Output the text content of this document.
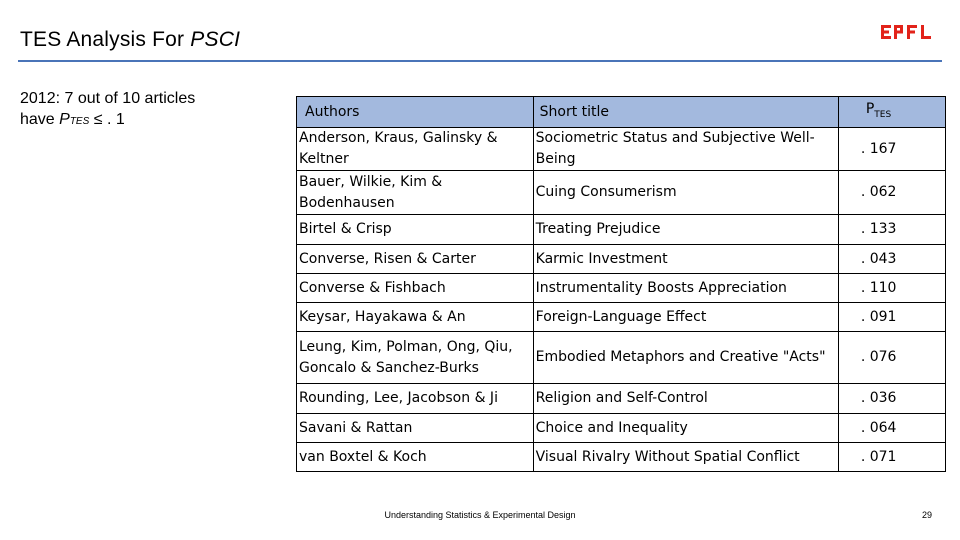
TES Analysis For PSCI
2012: 7 out of 10 articles
have PTES ≤ . 1	Authors	Short title	$P_{TES}$
Anderson, Kraus, Galinsky & Keltner	Sociometric Status and Subjective Well-Being	. 167
Bauer, Wilkie, Kim & Bodenhausen	Cuing Consumerism	. 062
Birtel & Crisp	Treating Prejudice	. 133
Converse, Risen & Carter	Karmic Investment	. 043
Converse & Fishbach	Instrumentality Boosts Appreciation	. 110
Keysar, Hayakawa & An	Foreign-Language Effect	. 091
Leung, Kim, Polman, Ong, Qiu, Goncalo & Sanchez-Burks	Embodied Metaphors and Creative "Acts"	. 076
Rounding, Lee, Jacobson & Ji	Religion and Self-Control	. 036
Savani & Rattan	Choice and Inequality	. 064
van Boxtel & Koch	Visual Rivalry Without Spatial Conflict	. 071
Understanding Statistics & Experimental Design	29
